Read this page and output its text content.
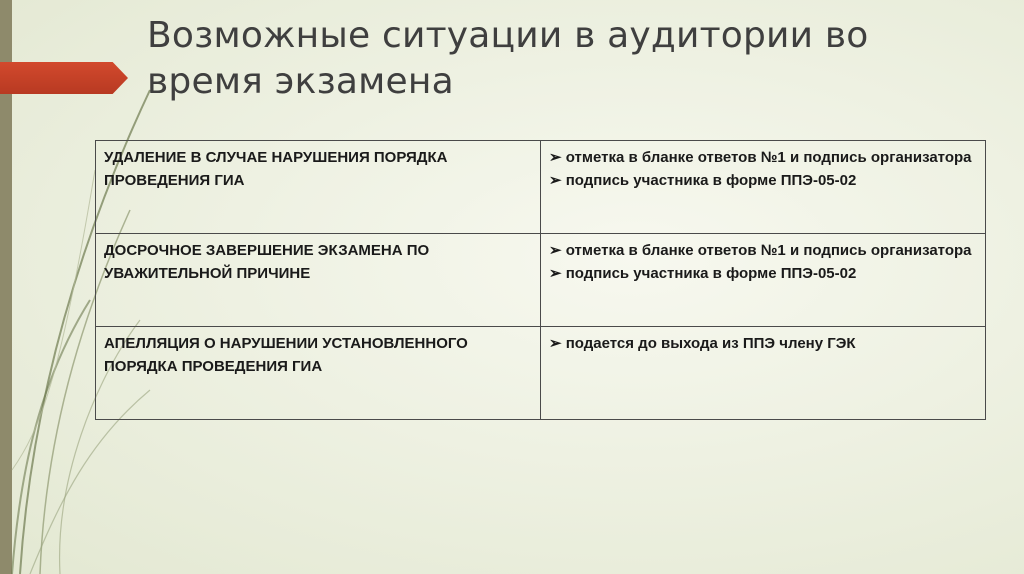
Возможные ситуации в аудитории во время экзамена
УДАЛЕНИЕ В СЛУЧАЕ НАРУШЕНИЯ ПОРЯДКА ПРОВЕДЕНИЯ ГИА	➢ отметка в бланке ответов №1 и подпись организатора
➢ подпись участника в форме ППЭ-05-02

ДОСРОЧНОЕ ЗАВЕРШЕНИЕ ЭКЗАМЕНА ПО УВАЖИТЕЛЬНОЙ ПРИЧИНЕ	➢ отметка в бланке ответов №1 и подпись организатора
➢ подпись участника в форме ППЭ-05-02

АПЕЛЛЯЦИЯ О НАРУШЕНИИ УСТАНОВЛЕННОГО ПОРЯДКА ПРОВЕДЕНИЯ ГИА	➢ подается до выхода из ППЭ члену ГЭК
